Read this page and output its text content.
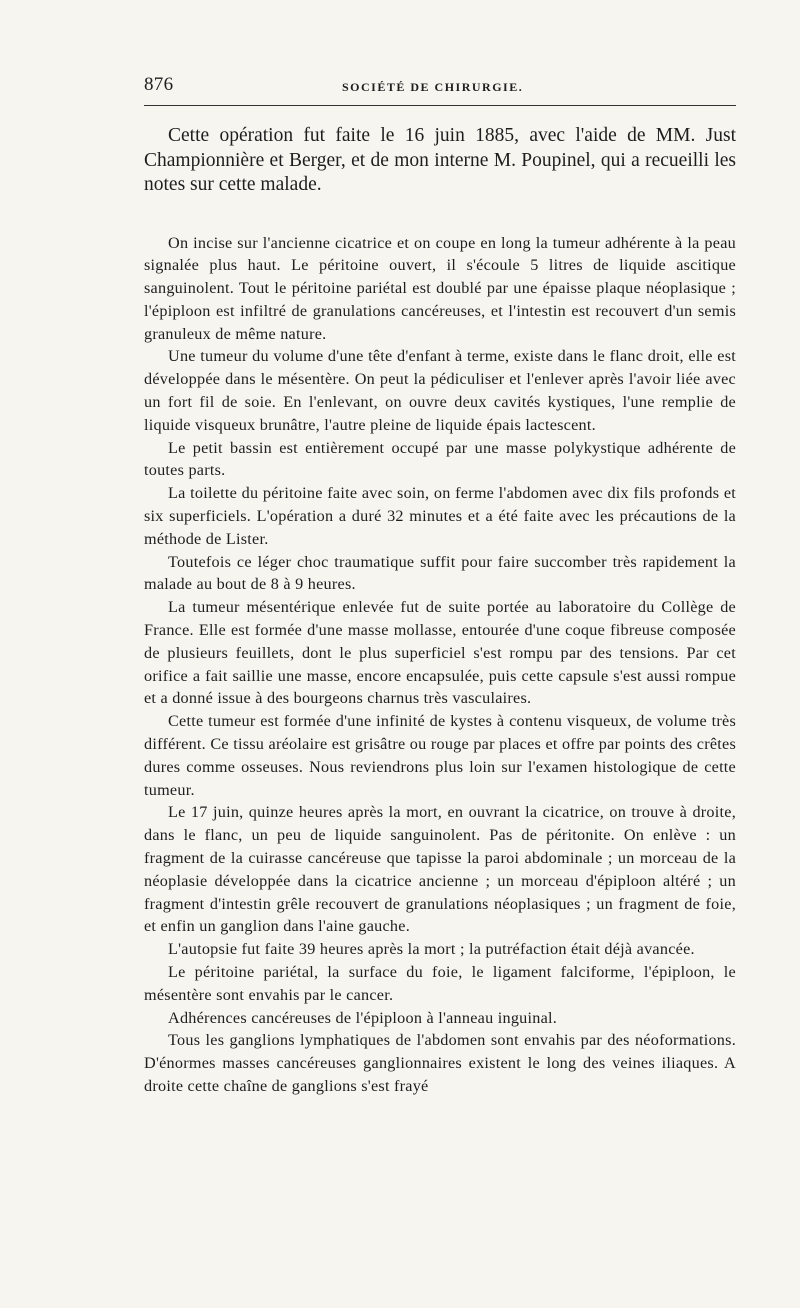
876	SOCIÉTÉ DE CHIRURGIE.

Cette opération fut faite le 16 juin 1885, avec l'aide de MM. Just Championnière et Berger, et de mon interne M. Poupinel, qui a recueilli les notes sur cette malade.

On incise sur l'ancienne cicatrice et on coupe en long la tumeur adhérente à la peau signalée plus haut. Le péritoine ouvert, il s'écoule 5 litres de liquide ascitique sanguinolent. Tout le péritoine pariétal est doublé par une épaisse plaque néoplasique ; l'épiploon est infiltré de granulations cancéreuses, et l'intestin est recouvert d'un semis granuleux de même nature.

Une tumeur du volume d'une tête d'enfant à terme, existe dans le flanc droit, elle est développée dans le mésentère. On peut la pédiculiser et l'enlever après l'avoir liée avec un fort fil de soie. En l'enlevant, on ouvre deux cavités kystiques, l'une remplie de liquide visqueux brunâtre, l'autre pleine de liquide épais lactescent.

Le petit bassin est entièrement occupé par une masse polykystique adhérente de toutes parts.

La toilette du péritoine faite avec soin, on ferme l'abdomen avec dix fils profonds et six superficiels. L'opération a duré 32 minutes et a été faite avec les précautions de la méthode de Lister.

Toutefois ce léger choc traumatique suffit pour faire succomber très rapidement la malade au bout de 8 à 9 heures.

La tumeur mésentérique enlevée fut de suite portée au laboratoire du Collège de France. Elle est formée d'une masse mollasse, entourée d'une coque fibreuse composée de plusieurs feuillets, dont le plus superficiel s'est rompu par des tensions. Par cet orifice a fait saillie une masse, encore encapsulée, puis cette capsule s'est aussi rompue et a donné issue à des bourgeons charnus très vasculaires.

Cette tumeur est formée d'une infinité de kystes à contenu visqueux, de volume très différent. Ce tissu aréolaire est grisâtre ou rouge par places et offre par points des crêtes dures comme osseuses. Nous reviendrons plus loin sur l'examen histologique de cette tumeur.

Le 17 juin, quinze heures après la mort, en ouvrant la cicatrice, on trouve à droite, dans le flanc, un peu de liquide sanguinolent. Pas de péritonite. On enlève : un fragment de la cuirasse cancéreuse que tapisse la paroi abdominale ; un morceau de la néoplasie développée dans la cicatrice ancienne ; un morceau d'épiploon altéré ; un fragment d'intestin grêle recouvert de granulations néoplasiques ; un fragment de foie, et enfin un ganglion dans l'aine gauche.

L'autopsie fut faite 39 heures après la mort ; la putréfaction était déjà avancée.

Le péritoine pariétal, la surface du foie, le ligament falciforme, l'épiploon, le mésentère sont envahis par le cancer.

Adhérences cancéreuses de l'épiploon à l'anneau inguinal.

Tous les ganglions lymphatiques de l'abdomen sont envahis par des néoformations. D'énormes masses cancéreuses ganglionnaires existent le long des veines iliaques. A droite cette chaîne de ganglions s'est frayé
